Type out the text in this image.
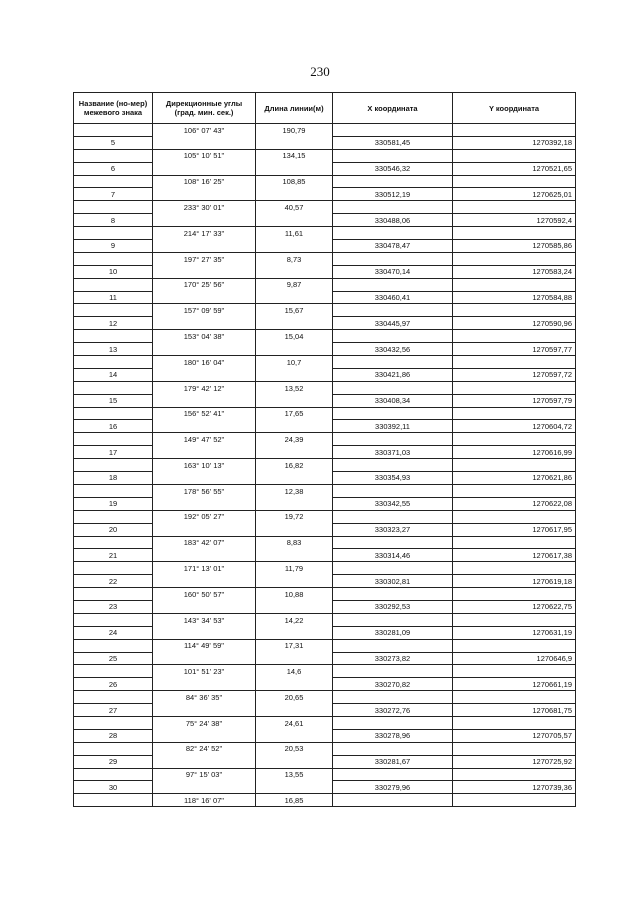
230
Название (но-мер) межевого знака	Дирекционные углы (град. мин. сек.)	Длина линии(м)	X координата	Y координата
	106° 07' 43"	190,79		
5			330581,45	1270392,18
	105° 10' 51"	134,15		
6			330546,32	1270521,65
	108° 16' 25"	108,85		
7			330512,19	1270625,01
	233° 30' 01"	40,57		
8			330488,06	1270592,4
	214° 17' 33"	11,61		
9			330478,47	1270585,86
	197° 27' 35"	8,73		
10			330470,14	1270583,24
	170° 25' 56"	9,87		
11			330460,41	1270584,88
	157° 09' 59"	15,67		
12			330445,97	1270590,96
	153° 04' 38"	15,04		
13			330432,56	1270597,77
	180° 16' 04"	10,7		
14			330421,86	1270597,72
	179° 42' 12"	13,52		
15			330408,34	1270597,79
	156° 52' 41"	17,65		
16			330392,11	1270604,72
	149° 47' 52"	24,39		
17			330371,03	1270616,99
	163° 10' 13"	16,82		
18			330354,93	1270621,86
	178° 56' 55"	12,38		
19			330342,55	1270622,08
	192° 05' 27"	19,72		
20			330323,27	1270617,95
	183° 42' 07"	8,83		
21			330314,46	1270617,38
	171° 13' 01"	11,79		
22			330302,81	1270619,18
	160° 50' 57"	10,88		
23			330292,53	1270622,75
	143° 34' 53"	14,22		
24			330281,09	1270631,19
	114° 49' 59"	17,31		
25			330273,82	1270646,9
	101° 51' 23"	14,6		
26			330270,82	1270661,19
	84° 36' 35"	20,65		
27			330272,76	1270681,75
	75° 24' 38"	24,61		
28			330278,96	1270705,57
	82° 24' 52"	20,53		
29			330281,67	1270725,92
	97° 15' 03"	13,55		
30			330279,96	1270739,36
	118° 16' 07"	16,85		
